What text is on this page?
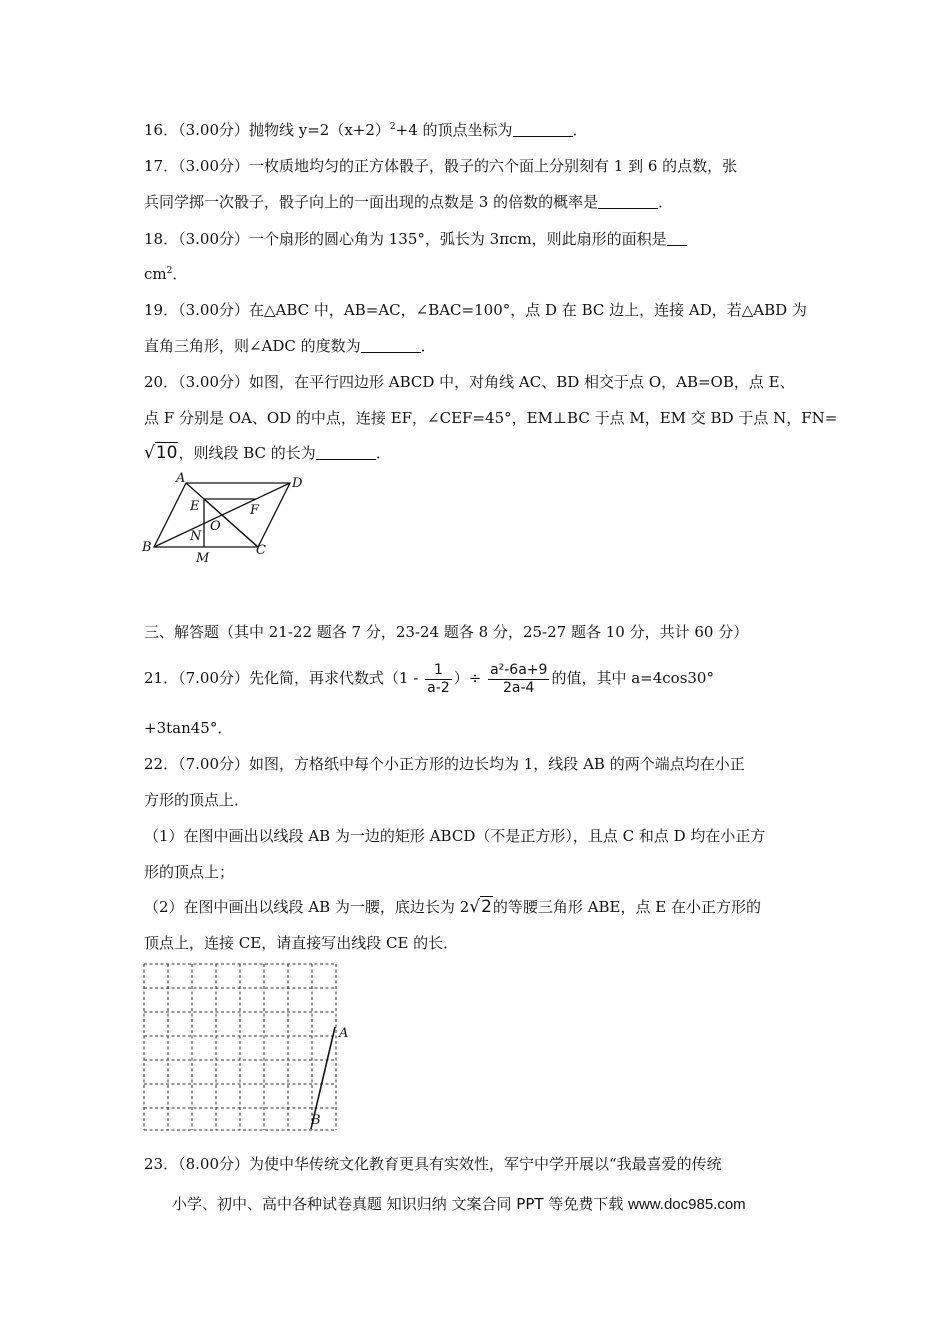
16．（3.00分）抛物线 $y=2(x+2)^2+4$ 的顶点坐标为	．
17．（3.00分）一枚质地均匀的正方体骰子，骰子的六个面上分别刻有 1 到 6 的点数，张
兵同学掷一次骰子，骰子向上的一面出现的点数是 3 的倍数的概率是	．
18．（3.00分）一个扇形的圆心角为 135°，弧长为 3πcm，则此扇形的面积是
$cm^2$．
19．（3.00分）在△ABC 中，AB=AC，∠BAC=100°，点 D 在 BC 边上，连接 AD，若△ABD 为
直角三角形，则∠ADC 的度数为	．
20．（3.00分）如图，在平行四边形 ABCD 中，对角线 AC、BD 相交于点 O，AB=OB，点 E、
点 F 分别是 OA、OD 的中点，连接 EF，∠CEF=45°，EM⊥BC 于点 M，EM 交 BD 于点 N，FN=
√10，则线段 BC 的长为	．
A	D
E	F
O
N
B
M
C
三、解答题（其中 21-22 题各 7 分，23-24 题各 8 分，25-27 题各 10 分，共计 60 分）
21．（7.00分）先化简，再求代数式（$1 - \frac{1}{a-2}$ ）÷ $\frac{\text{a²-6a+9}}{2a-4}$ 的值，其中 a=4cos30°
+3tan45°．
22．（7.00分）如图，方格纸中每个小正方形的边长均为 1，线段 AB 的两个端点均在小正
方形的顶点上．
（1）在图中画出以线段 AB 为一边的矩形 ABCD（不是正方形），且点 C 和点 D 均在小正方
形的顶点上；
（2）在图中画出以线段 AB 为一腰，底边长为 2√2的等腰三角形 ABE，点 E 在小正方形的
顶点上，连接 CE，请直接写出线段 CE 的长．
A
B
23．（8.00分）为使中华传统文化教育更具有实效性，军宁中学开展以“我最喜爱的传统
小学、初中、高中各种试卷真题 知识归纳 文案合同 PPT 等免费下载 www.doc985.com
